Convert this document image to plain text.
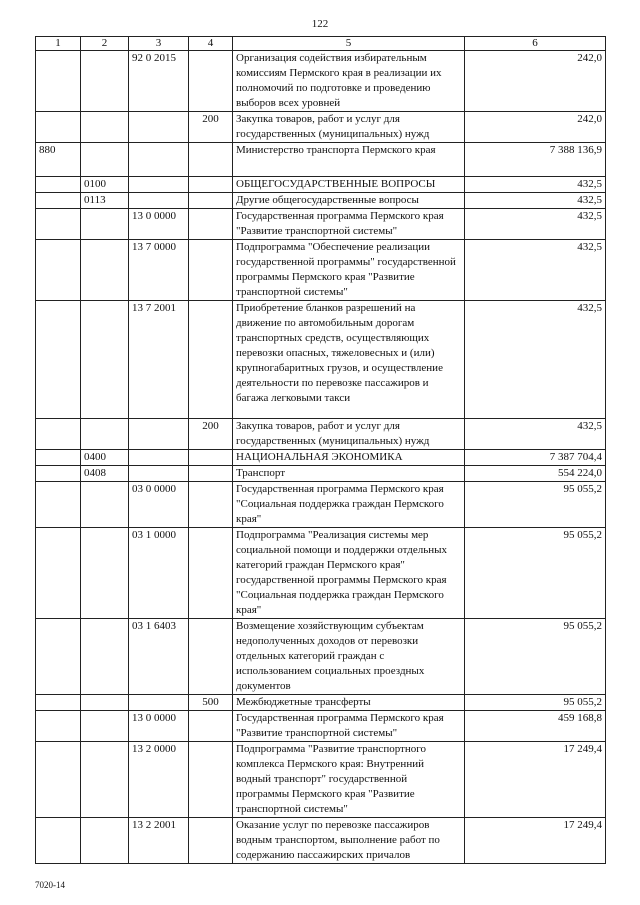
122
1	2	3	4	5	6
		92 0 2015		Организация содействия избирательным комиссиям Пермского края в реализации их полномочий по подготовке и проведению выборов всех уровней	242,0
			200	Закупка товаров, работ и услуг для государственных (муниципальных) нужд	242,0
880				Министерство транспорта Пермского края	7 388 136,9
	0100			ОБЩЕГОСУДАРСТВЕННЫЕ ВОПРОСЫ	432,5
	0113			Другие общегосударственные вопросы	432,5
		13 0 0000		Государственная программа Пермского края "Развитие транспортной системы"	432,5
		13 7 0000		Подпрограмма "Обеспечение реализации государственной программы" государственной программы Пермского края "Развитие транспортной системы"	432,5
		13 7 2001		Приобретение бланков разрешений на движение по автомобильным дорогам транспортных средств, осуществляющих перевозки опасных, тяжеловесных и (или) крупногабаритных грузов, и осуществление деятельности по перевозке пассажиров и багажа легковыми такси	432,5
			200	Закупка товаров, работ и услуг для государственных (муниципальных) нужд	432,5
	0400			НАЦИОНАЛЬНАЯ ЭКОНОМИКА	7 387 704,4
	0408			Транспорт	554 224,0
		03 0 0000		Государственная программа Пермского края "Социальная поддержка граждан Пермского края"	95 055,2
		03 1 0000		Подпрограмма "Реализация системы мер социальной помощи и поддержки отдельных категорий граждан Пермского края" государственной программы Пермского края "Социальная поддержка граждан Пермского края"	95 055,2
		03 1 6403		Возмещение хозяйствующим субъектам недополученных доходов от перевозки отдельных категорий граждан с использованием социальных проездных документов	95 055,2
			500	Межбюджетные трансферты	95 055,2
		13 0 0000		Государственная программа Пермского края "Развитие транспортной системы"	459 168,8
		13 2 0000		Подпрограмма "Развитие транспортного комплекса Пермского края: Внутренний водный транспорт" государственной программы Пермского края "Развитие транспортной системы"	17 249,4
		13 2 2001		Оказание услуг по перевозке пассажиров водным транспортом, выполнение работ по содержанию пассажирских причалов	17 249,4
7020-14
